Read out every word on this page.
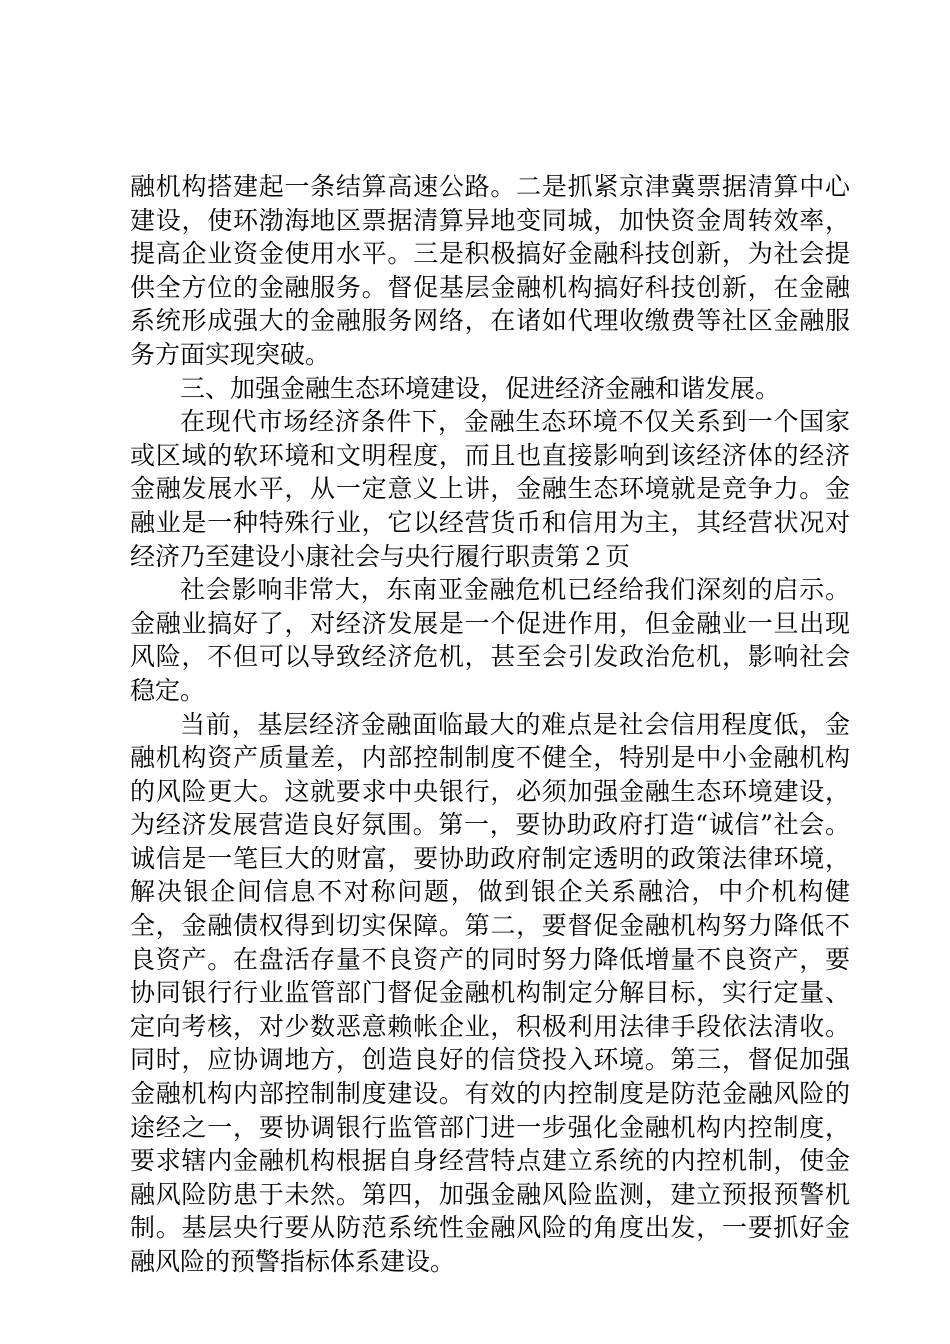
融机构搭建起一条结算高速公路。二是抓紧京津冀票据清算中心建设，使环渤海地区票据清算异地变同城，加快资金周转效率，提高企业资金使用水平。三是积极搞好金融科技创新，为社会提供全方位的金融服务。督促基层金融机构搞好科技创新，在金融系统形成强大的金融服务网络，在诸如代理收缴费等社区金融服务方面实现突破。

三、加强金融生态环境建设，促进经济金融和谐发展。

在现代市场经济条件下，金融生态环境不仅关系到一个国家或区域的软环境和文明程度，而且也直接影响到该经济体的经济金融发展水平，从一定意义上讲，金融生态环境就是竞争力。金融业是一种特殊行业，它以经营货币和信用为主，其经营状况对经济乃至建设小康社会与央行履行职责第２页

社会影响非常大，东南亚金融危机已经给我们深刻的启示。金融业搞好了，对经济发展是一个促进作用，但金融业一旦出现风险，不但可以导致经济危机，甚至会引发政治危机，影响社会稳定。

当前，基层经济金融面临最大的难点是社会信用程度低，金融机构资产质量差，内部控制制度不健全，特别是中小金融机构的风险更大。这就要求中央银行，必须加强金融生态环境建设，为经济发展营造良好氛围。第一，要协助政府打造“诚信”社会。诚信是一笔巨大的财富，要协助政府制定透明的政策法律环境，解决银企间信息不对称问题，做到银企关系融洽，中介机构健全，金融债权得到切实保障。第二，要督促金融机构努力降低不良资产。在盘活存量不良资产的同时努力降低增量不良资产，要协同银行行业监管部门督促金融机构制定分解目标，实行定量、定向考核，对少数恶意赖帐企业，积极利用法律手段依法清收。同时，应协调地方，创造良好的信贷投入环境。第三，督促加强金融机构内部控制制度建设。有效的内控制度是防范金融风险的途经之一，要协调银行监管部门进一步强化金融机构内控制度，要求辖内金融机构根据自身经营特点建立系统的内控机制，使金融风险防患于未然。第四，加强金融风险监测，建立预报预警机制。基层央行要从防范系统性金融风险的角度出发，一要抓好金融风险的预警指标体系建设。
